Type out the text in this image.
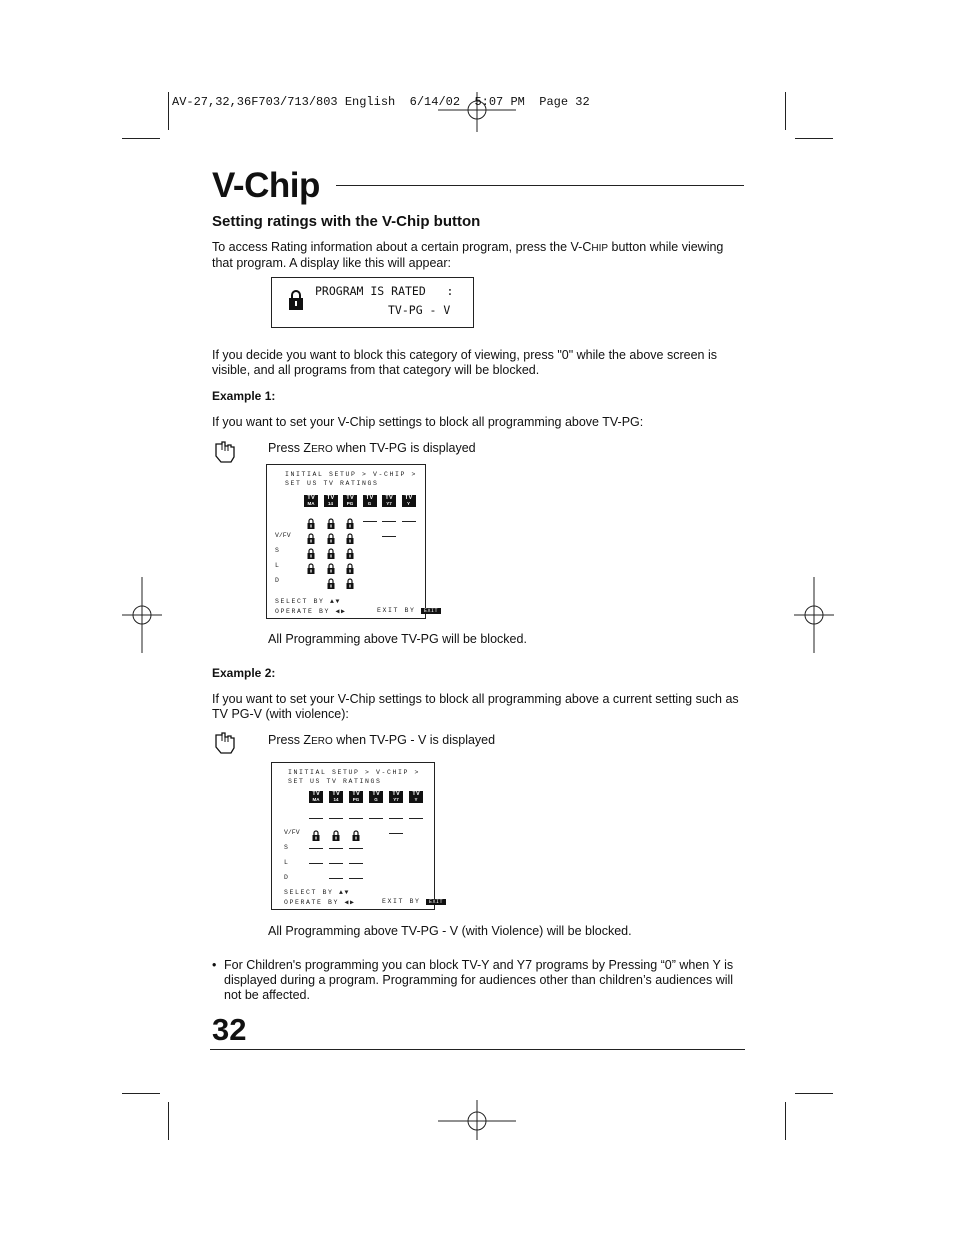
AV-27,32,36F703/713/803 English  6/14/02  5:07 PM  Page 32
V-Chip
Setting ratings with the V-Chip button
To access Rating information about a certain program, press the V-CHIP button while viewing that program. A display like this will appear:
PROGRAM IS RATED   :
TV-PG - V
If you decide you want to block this category of viewing, press "0" while the above screen is visible, and all programs from that category will be blocked.
Example 1:
If you want to set your V-Chip settings to block all programming above TV-PG:
Press ZERO when TV-PG is displayed
INITIAL SETUP > V-CHIP >
SET US TV RATINGS
TV
MA
TV
14
TV
PG
TV
G
TV
Y7
TV
Y
V/FV
S
L
D
SELECT BY ▲▼
OPERATE BY ◀▶	EXIT BY EXIT
All Programming above TV-PG will be blocked.
Example 2:
If you want to set your V-Chip settings to block all programming above a current setting such as TV PG-V (with violence):
Press ZERO when TV-PG - V is displayed
INITIAL SETUP > V-CHIP >
SET US TV RATINGS
TV
MA
TV
14
TV
PG
TV
G
TV
Y7
TV
Y
V/FV
S
L
D
SELECT BY ▲▼
OPERATE BY ◀▶	EXIT BY EXIT
All Programming above TV-PG - V (with Violence) will be blocked.
• For Children's programming you can block TV-Y and Y7 programs by Pressing “0” when Y is displayed during a program. Programming for audiences other than children’s audiences will not be affected.
32
